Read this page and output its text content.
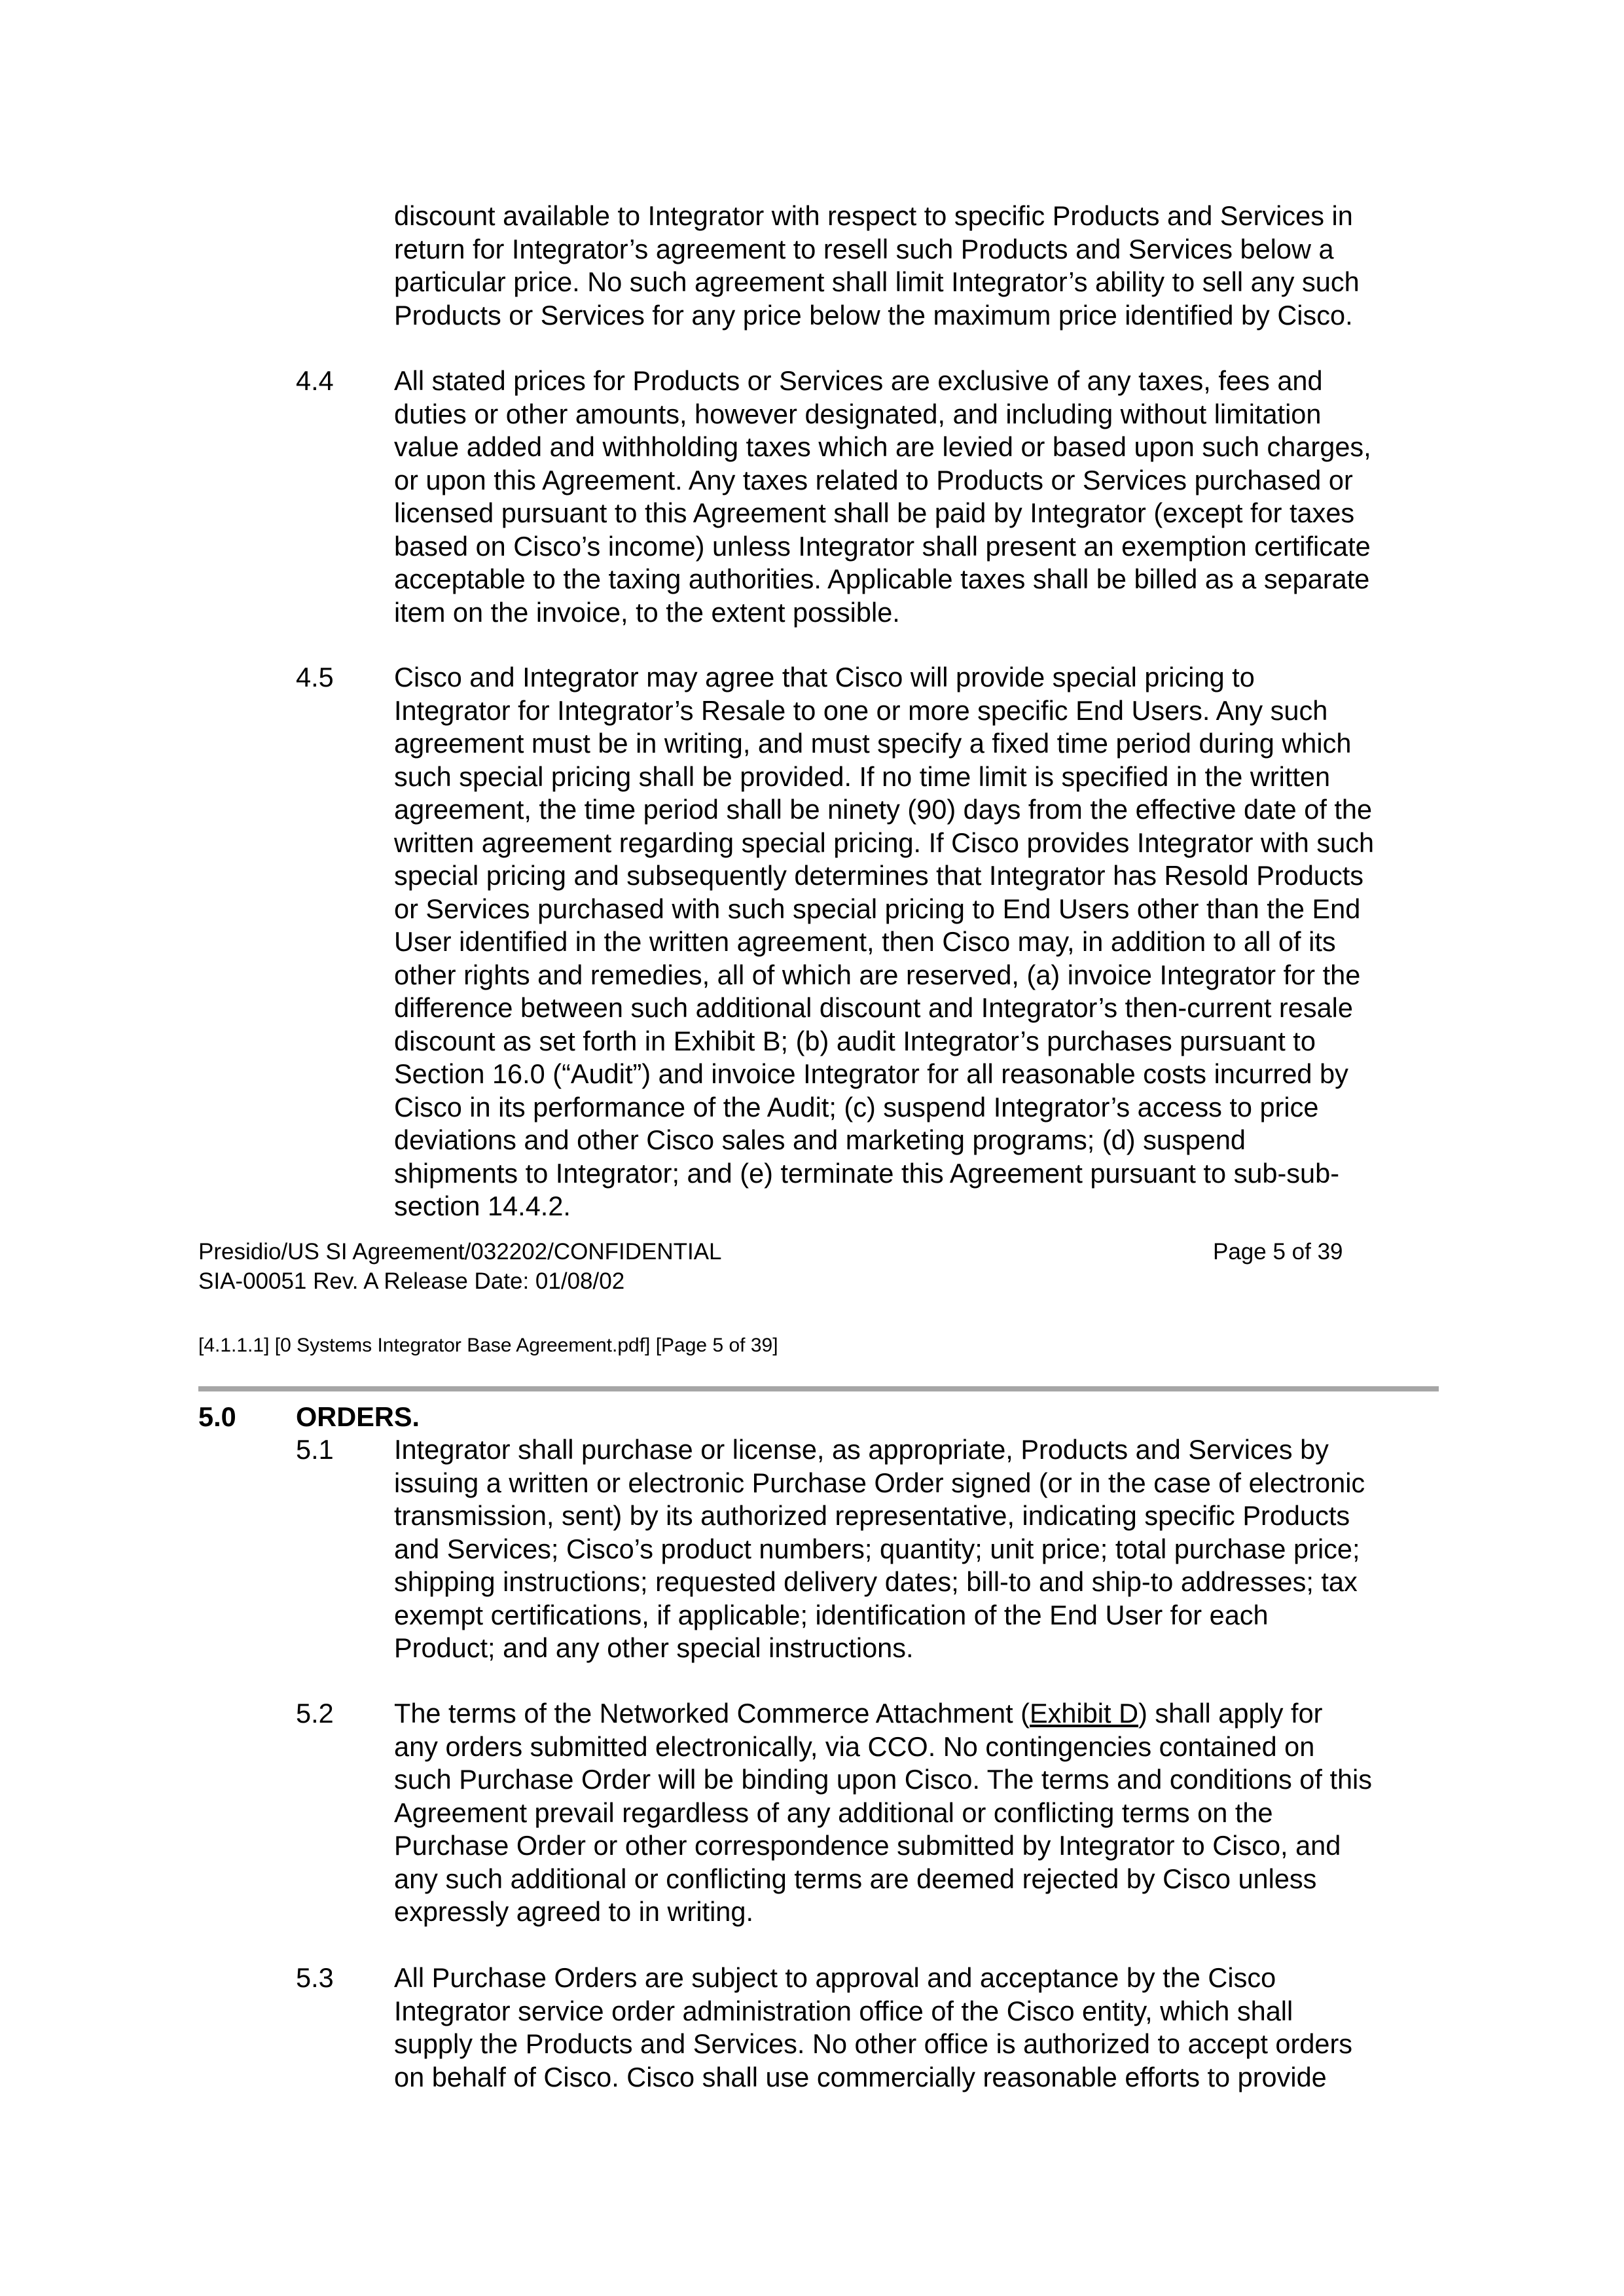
discount available to Integrator with respect to specific Products and Services in
return for Integrator’s agreement to resell such Products and Services below a
particular price. No such agreement shall limit Integrator’s ability to sell any such
Products or Services for any price below the maximum price identified by Cisco.
4.4 All stated prices for Products or Services are exclusive of any taxes, fees and
duties or other amounts, however designated, and including without limitation
value added and withholding taxes which are levied or based upon such charges,
or upon this Agreement. Any taxes related to Products or Services purchased or
licensed pursuant to this Agreement shall be paid by Integrator (except for taxes
based on Cisco’s income) unless Integrator shall present an exemption certificate
acceptable to the taxing authorities. Applicable taxes shall be billed as a separate
item on the invoice, to the extent possible.
4.5 Cisco and Integrator may agree that Cisco will provide special pricing to
Integrator for Integrator’s Resale to one or more specific End Users. Any such
agreement must be in writing, and must specify a fixed time period during which
such special pricing shall be provided. If no time limit is specified in the written
agreement, the time period shall be ninety (90) days from the effective date of the
written agreement regarding special pricing. If Cisco provides Integrator with such
special pricing and subsequently determines that Integrator has Resold Products
or Services purchased with such special pricing to End Users other than the End
User identified in the written agreement, then Cisco may, in addition to all of its
other rights and remedies, all of which are reserved, (a) invoice Integrator for the
difference between such additional discount and Integrator’s then-current resale
discount as set forth in Exhibit B; (b) audit Integrator’s purchases pursuant to
Section 16.0 (“Audit”) and invoice Integrator for all reasonable costs incurred by
Cisco in its performance of the Audit; (c) suspend Integrator’s access to price
deviations and other Cisco sales and marketing programs; (d) suspend
shipments to Integrator; and (e) terminate this Agreement pursuant to sub-sub-
section 14.4.2.
Presidio/US SI Agreement/032202/CONFIDENTIAL
SIA-00051 Rev. A Release Date: 01/08/02
Page 5 of 39
[4.1.1.1] [0 Systems Integrator Base Agreement.pdf] [Page 5 of 39]
5.0 ORDERS.
5.1 Integrator shall purchase or license, as appropriate, Products and Services by
issuing a written or electronic Purchase Order signed (or in the case of electronic
transmission, sent) by its authorized representative, indicating specific Products
and Services; Cisco’s product numbers; quantity; unit price; total purchase price;
shipping instructions; requested delivery dates; bill-to and ship-to addresses; tax
exempt certifications, if applicable; identification of the End User for each
Product; and any other special instructions.
5.2 The terms of the Networked Commerce Attachment (Exhibit D) shall apply for
any orders submitted electronically, via CCO. No contingencies contained on
such Purchase Order will be binding upon Cisco. The terms and conditions of this
Agreement prevail regardless of any additional or conflicting terms on the
Purchase Order or other correspondence submitted by Integrator to Cisco, and
any such additional or conflicting terms are deemed rejected by Cisco unless
expressly agreed to in writing.
5.3 All Purchase Orders are subject to approval and acceptance by the Cisco
Integrator service order administration office of the Cisco entity, which shall
supply the Products and Services. No other office is authorized to accept orders
on behalf of Cisco. Cisco shall use commercially reasonable efforts to provide
